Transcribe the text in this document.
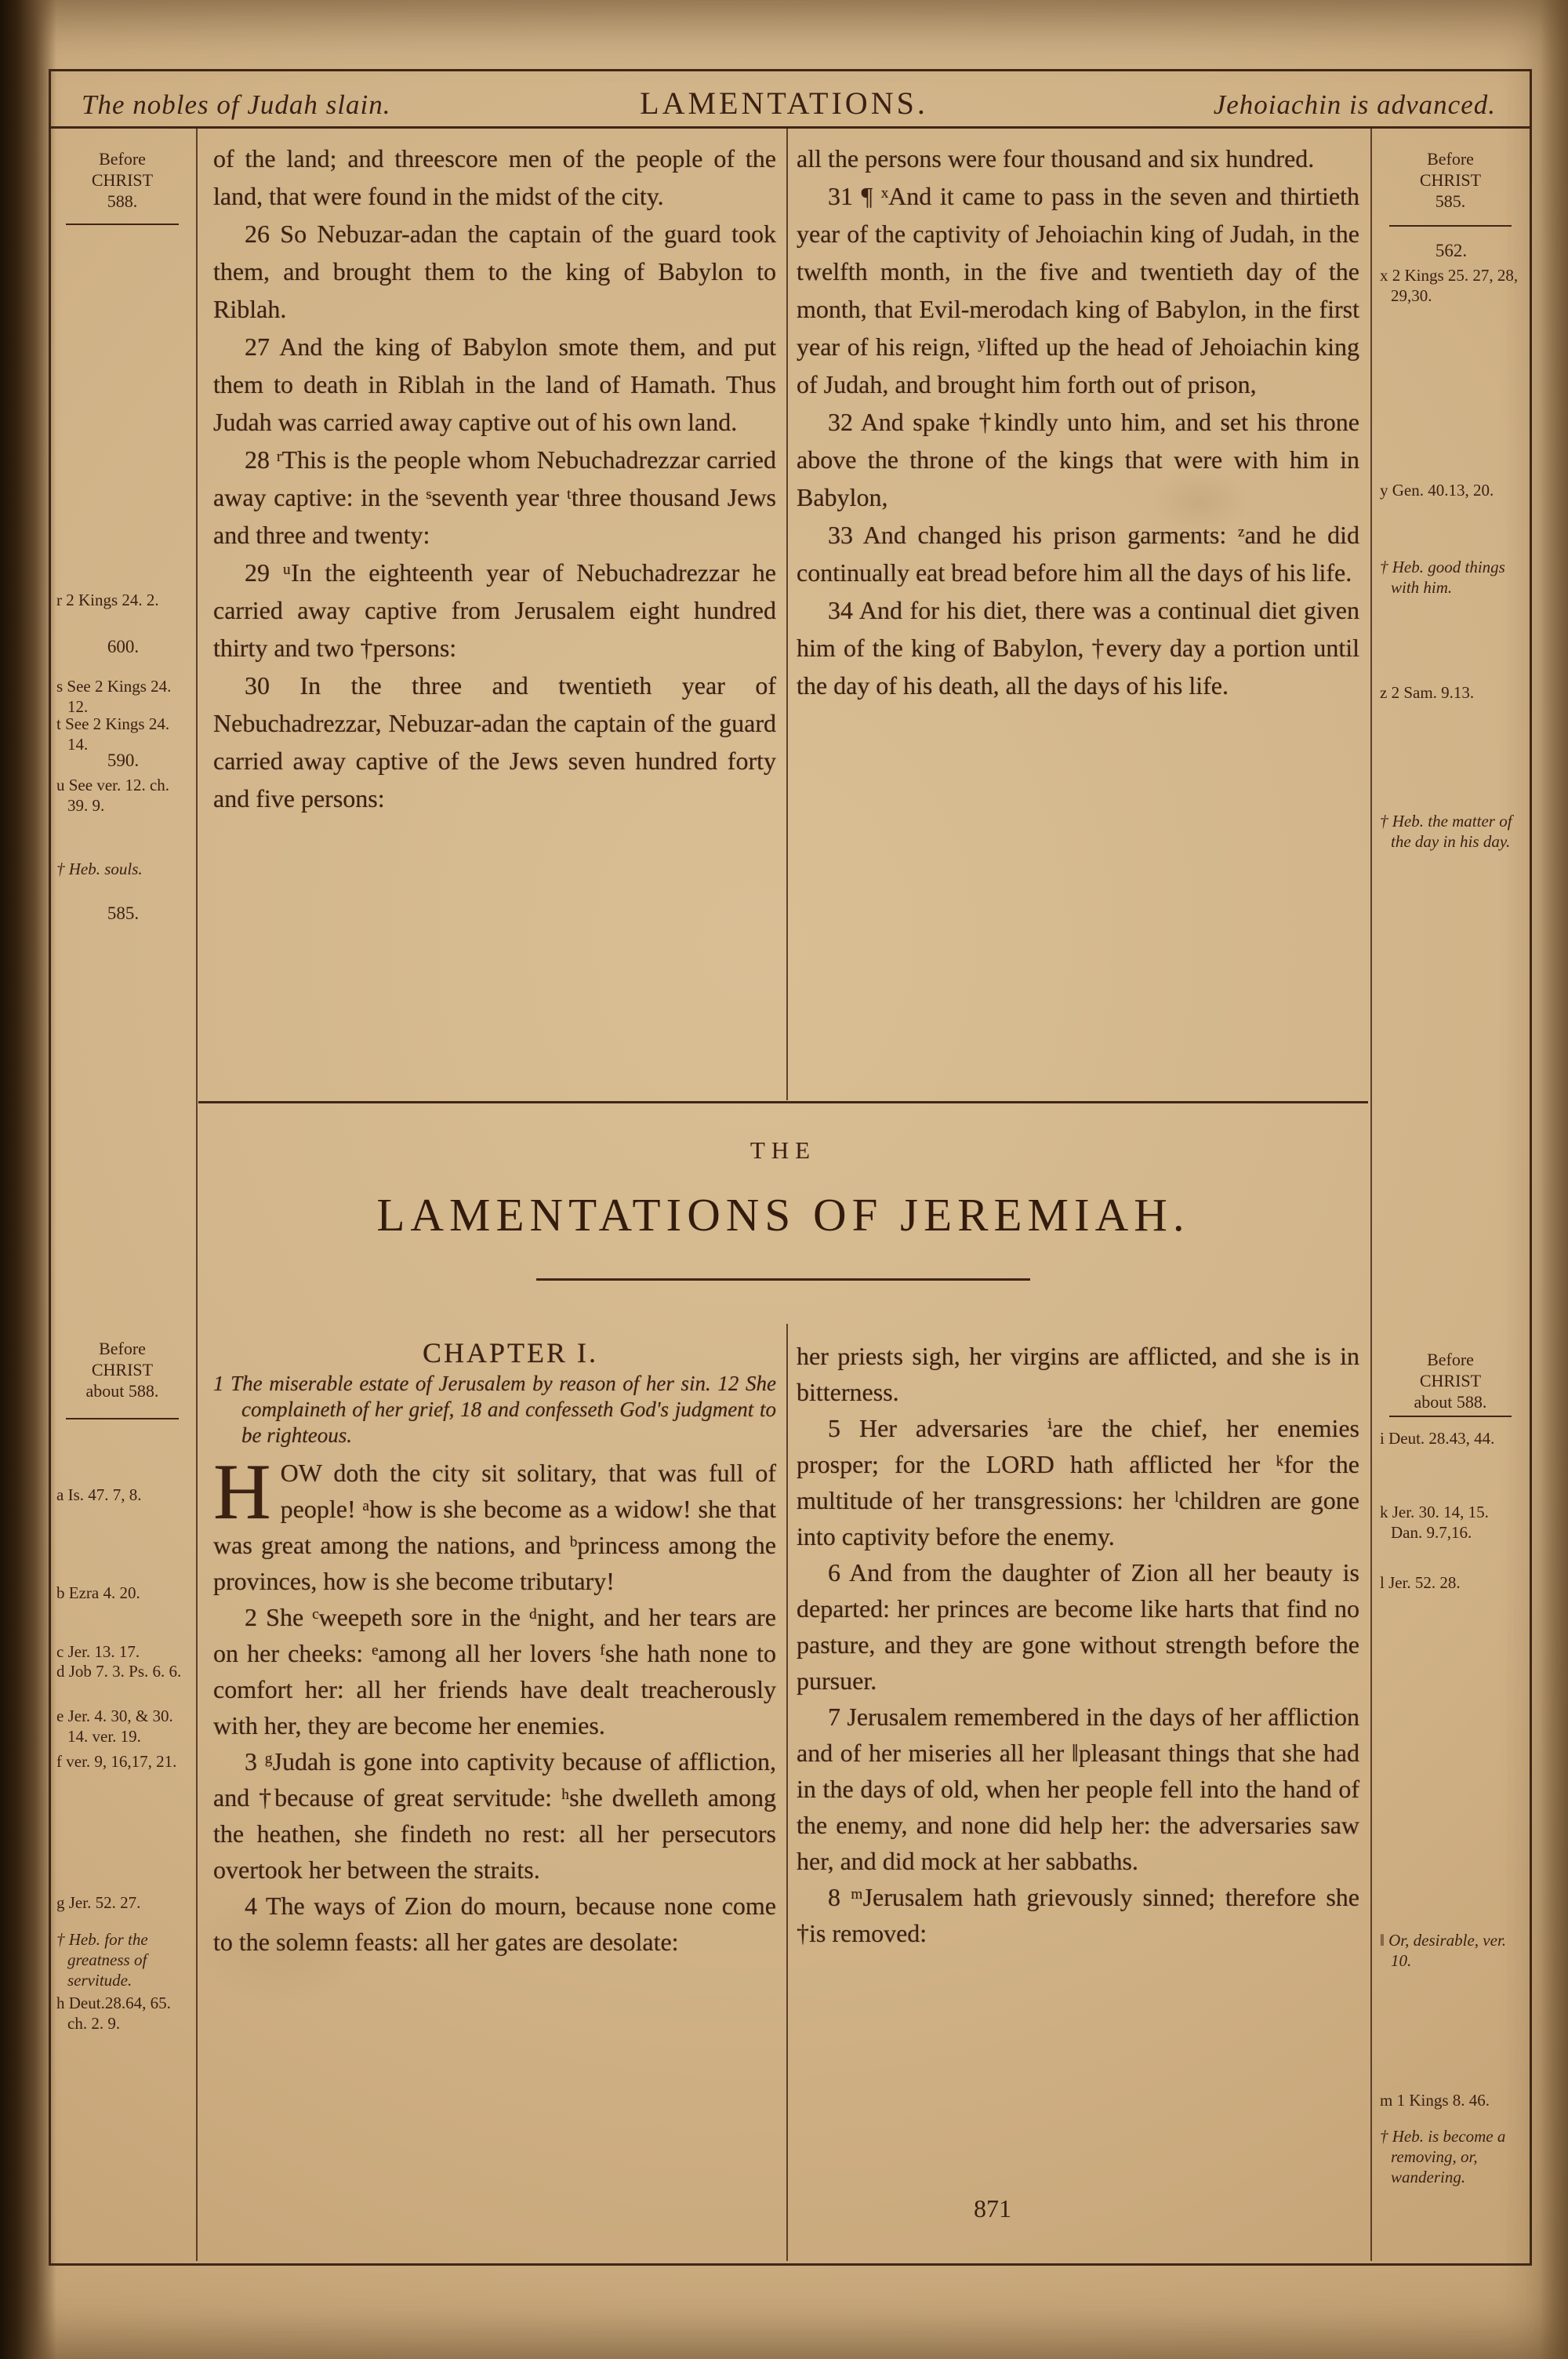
The nobles of Judah slain.	LAMENTATIONS.	Jehoiachin is advanced.
Before
CHRIST
588.
r 2 Kings 24. 2.
600.
s See 2 Kings 24. 12.
t See 2 Kings 24. 14.
590.
u See ver. 12. ch. 39. 9.
† Heb. souls.
585.
Before
CHRIST
585.
562.
x 2 Kings 25. 27, 28, 29,30.
y Gen. 40.13, 20.
† Heb. good things with him.
z 2 Sam. 9.13.
† Heb. the matter of the day in his day.

of the land; and threescore men of the people of the land, that were found in the midst of the city.

26 So Nebuzar-adan the captain of the guard took them, and brought them to the king of Babylon to Riblah.

27 And the king of Babylon smote them, and put them to death in Riblah in the land of Hamath. Thus Judah was carried away captive out of his own land.

28 ʳThis is the people whom Nebuchadrezzar carried away captive: in the ˢseventh year ᵗthree thousand Jews and three and twenty:

29 ᵘIn the eighteenth year of Nebuchadrezzar he carried away captive from Jerusalem eight hundred thirty and two †persons:

30 In the three and twentieth year of Nebuchadrezzar, Nebuzar-adan the captain of the guard carried away captive of the Jews seven hundred forty and five persons:

all the persons were four thousand and six hundred.

31 ¶ ˣAnd it came to pass in the seven and thirtieth year of the captivity of Jehoiachin king of Judah, in the twelfth month, in the five and twentieth day of the month, that Evil-merodach king of Babylon, in the first year of his reign, ʸlifted up the head of Jehoiachin king of Judah, and brought him forth out of prison,

32 And spake †kindly unto him, and set his throne above the throne of the kings that were with him in Babylon,

33 And changed his prison garments: ᶻand he did continually eat bread before him all the days of his life.

34 And for his diet, there was a continual diet given him of the king of Babylon, †every day a portion until the day of his death, all the days of his life.

THE
LAMENTATIONS OF JEREMIAH.
Before
CHRIST
about 588.
a Is. 47. 7, 8.
b Ezra 4. 20.
c Jer. 13. 17.
d Job 7. 3. Ps. 6. 6.
e Jer. 4. 30, & 30. 14. ver. 19.
f ver. 9, 16,17, 21.
g Jer. 52. 27.
† Heb. for the greatness of servitude.
h Deut.28.64, 65. ch. 2. 9.
Before
CHRIST
about 588.
i Deut. 28.43, 44.
k Jer. 30. 14, 15. Dan. 9.7,16.
l Jer. 52. 28.
‖ Or, desirable, ver. 10.
m 1 Kings 8. 46.
† Heb. is become a removing, or, wandering.

CHAPTER I.

1 The miserable estate of Jerusalem by reason of her sin. 12 She complaineth of her grief, 18 and confesseth God's judgment to be righteous.

HOW doth the city sit solitary, that was full of people! ᵃhow is she become as a widow! she that was great among the nations, and ᵇprincess among the provinces, how is she become tributary!

2 She ᶜweepeth sore in the ᵈnight, and her tears are on her cheeks: ᵉamong all her lovers ᶠshe hath none to comfort her: all her friends have dealt treacherously with her, they are become her enemies.

3 ᵍJudah is gone into captivity because of affliction, and †because of great servitude: ʰshe dwelleth among the heathen, she findeth no rest: all her persecutors overtook her between the straits.

4 The ways of Zion do mourn, because none come to the solemn feasts: all her gates are desolate:

her priests sigh, her virgins are afflicted, and she is in bitterness.

5 Her adversaries ⁱare the chief, her enemies prosper; for the LORD hath afflicted her ᵏfor the multitude of her transgressions: her ˡchildren are gone into captivity before the enemy.

6 And from the daughter of Zion all her beauty is departed: her princes are become like harts that find no pasture, and they are gone without strength before the pursuer.

7 Jerusalem remembered in the days of her affliction and of her miseries all her ‖pleasant things that she had in the days of old, when her people fell into the hand of the enemy, and none did help her: the adversaries saw her, and did mock at her sabbaths.

8 ᵐJerusalem hath grievously sinned; therefore she †is removed:

871
